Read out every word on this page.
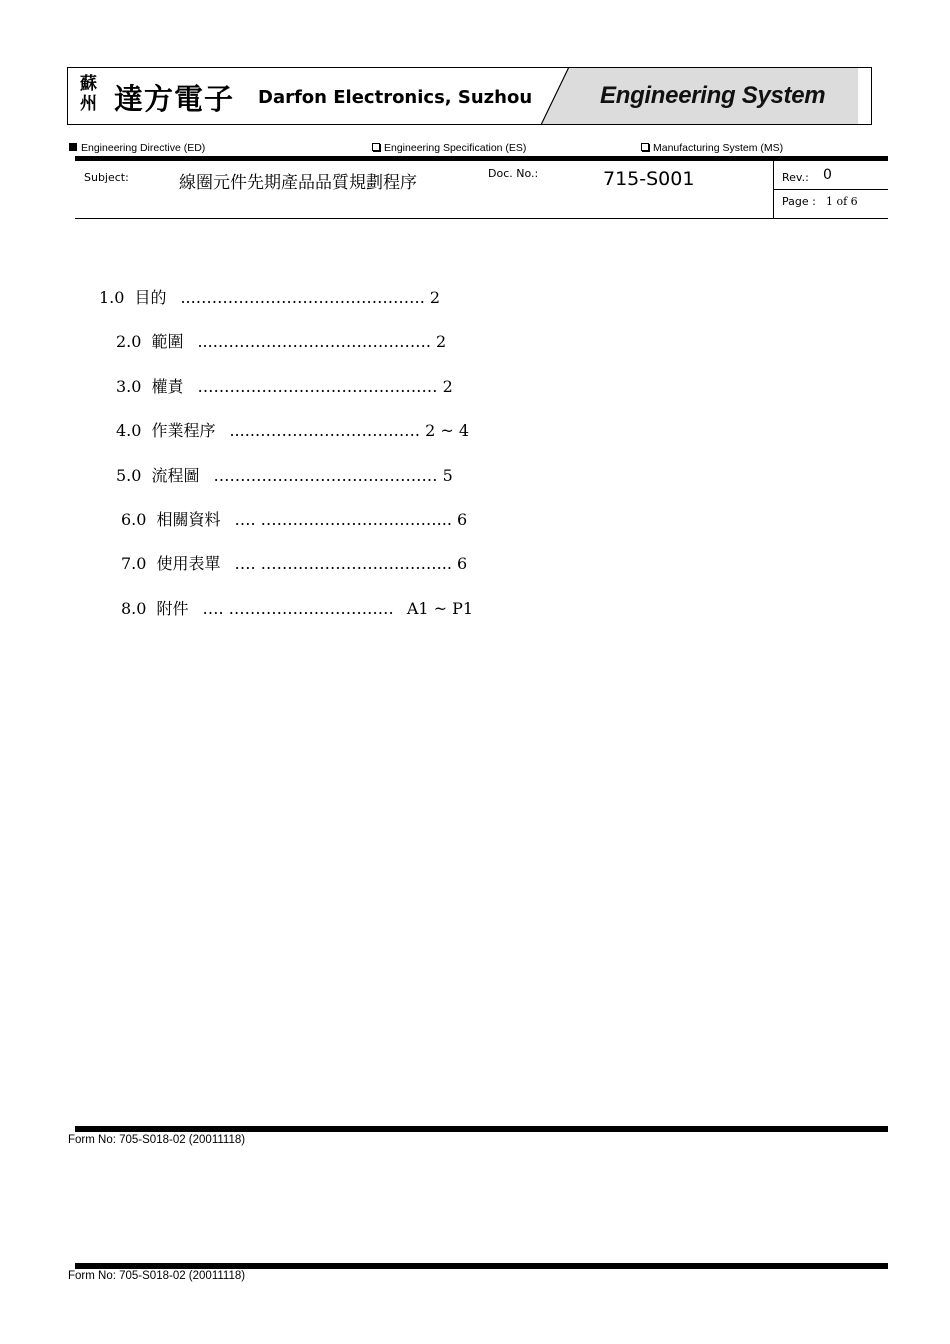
蘇州 達方電子 Darfon Electronics, Suzhou	Engineering System
Engineering Directive (ED)	Engineering Specification (ES)	Manufacturing System (MS)
Subject:	線圈元件先期產品品質規劃程序	Doc. No.:	715-S001	Rev.: 0
Page : 1 of 6
1.0 目的 ...……………………………………. 2
2.0 範圍 ....…………………………………. 2
3.0 權責 ……………………………………… 2
4.0 作業程序 .....…………………………. 2 ~ 4
5.0 流程圖 …………………………………… 5
6.0 相關資料 …. ……………………………... 6
7.0 使用表單 …. ……………………………... 6
8.0 附件 …. …………….…………… A1 ~ P1
Form No: 705-S018-02 (20011118)
Form No: 705-S018-02 (20011118)
